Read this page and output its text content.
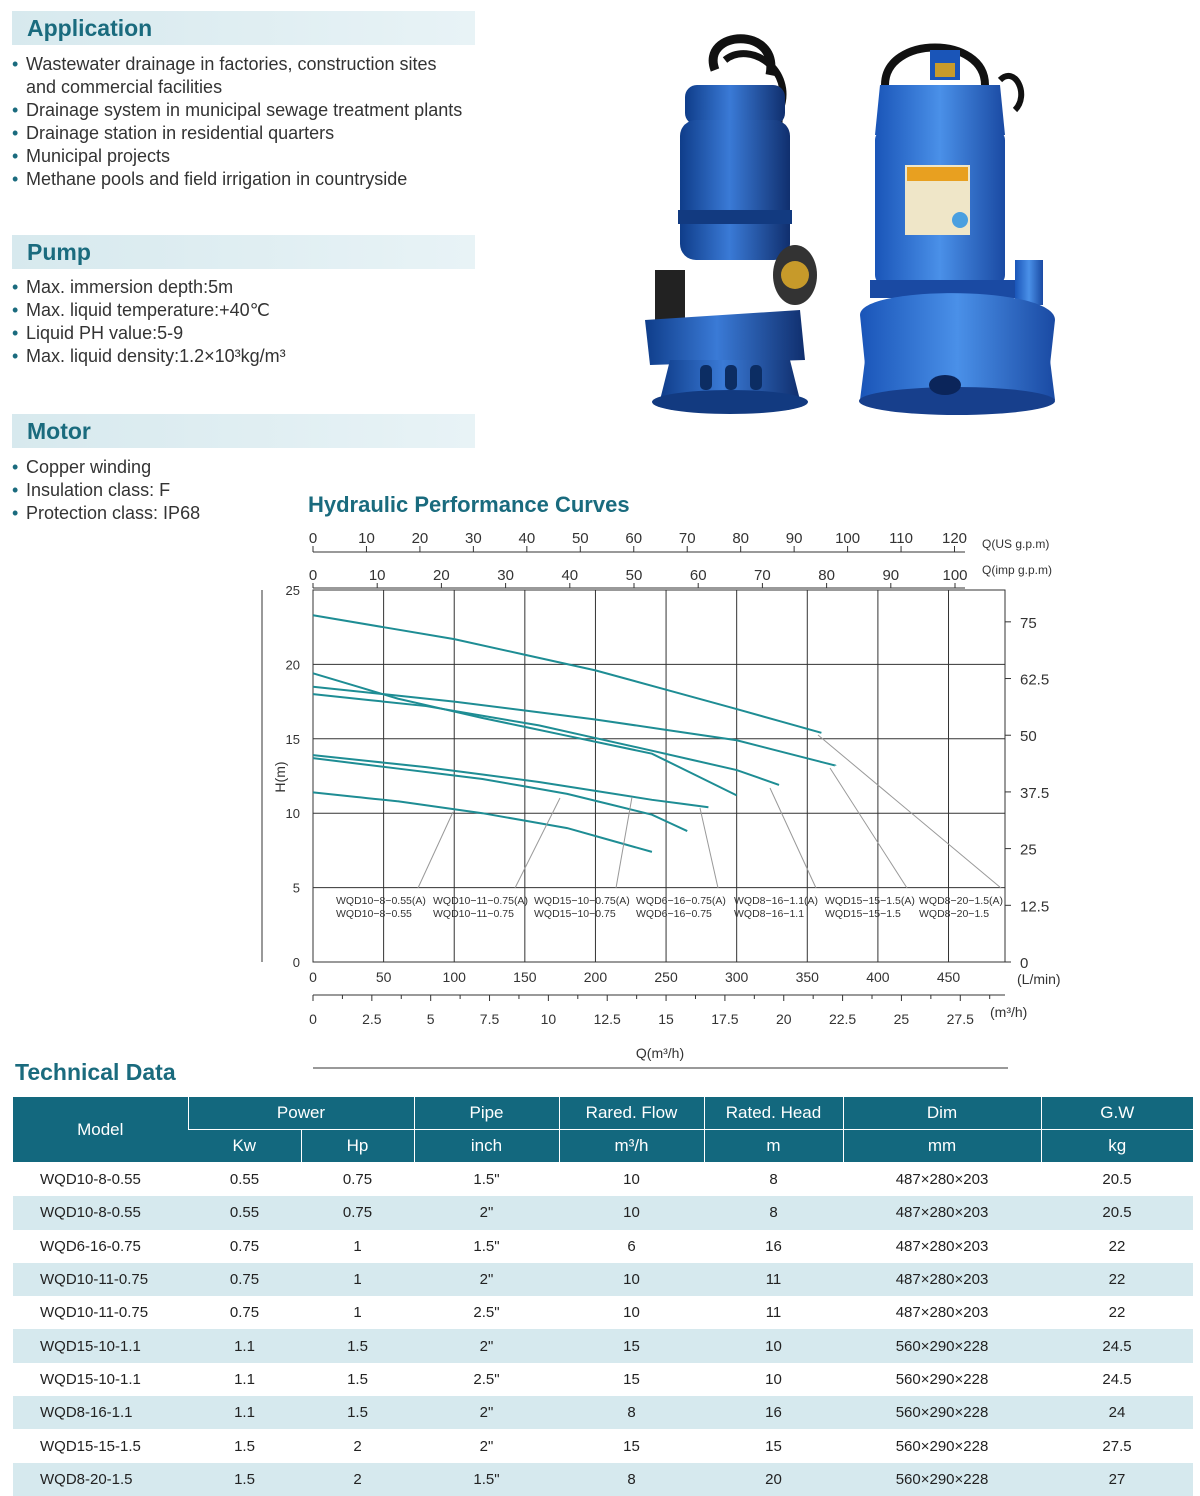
Application
• Wastewater drainage in factories, construction sites
and commercial facilities
• Drainage system in municipal sewage treatment plants
• Drainage station in residential quarters
• Municipal projects
• Methane pools and field irrigation in countryside
Pump
• Max. immersion depth:5m
• Max. liquid temperature:+40℃
• Liquid PH value:5-9
• Max. liquid density:1.2×10³kg/m³
Motor
• Copper winding
• Insulation class: F
• Protection class: IP68	Hydraulic Performance Curves
0	50	100	150	200	250	300	350	400	450	(L/min)
0
5
10
15
20
25
H(m)
75
62.5
50
37.5
25
12.5
0
0	10 20 30 40 50 60 70 80 90 100 110 120 Q(US g.p.m)
0	10	20	30	40	50	60	70	80	90	100 Q(imp g.p.m)
0	2.5	5	7.5	10	12.5	15	17.5	20	22.5	25	27.5 (m³/h)
Q(m³/h)
WQD10−8−0.55(A)
WQD10−8−0.55
WQD10−11−0.75(A)
WQD10−11−0.75
WQD15−10−0.75(A)
WQD15−10−0.75
WQD6−16−0.75(A)
WQD6−16−0.75
WQD8−16−1.1(A)
WQD8−16−1.1
WQD15−15−1.5(A)
WQD15−15−1.5
WQD8−20−1.5(A)
WQD8−20−1.5
Technical Data
Model	Power		Pipe	Rared. Flow	Rated. Head	Dim	G.W
	Kw	Hp	inch	m³/h	m	mm	kg
WQD10-8-0.55	0.55	0.75	1.5"	10	8	487×280×203	20.5
WQD10-8-0.55	0.55	0.75	2"	10	8	487×280×203	20.5
WQD6-16-0.75	0.75	1	1.5"	6	16	487×280×203	22
WQD10-11-0.75	0.75	1	2"	10	11	487×280×203	22
WQD10-11-0.75	0.75	1	2.5"	10	11	487×280×203	22
WQD15-10-1.1	1.1	1.5	2"	15	10	560×290×228	24.5
WQD15-10-1.1	1.1	1.5	2.5"	15	10	560×290×228	24.5
WQD8-16-1.1	1.1	1.5	2"	8	16	560×290×228	24
WQD15-15-1.5	1.5	2	2"	15	15	560×290×228	27.5
WQD8-20-1.5	1.5	2	1.5"	8	20	560×290×228	27
